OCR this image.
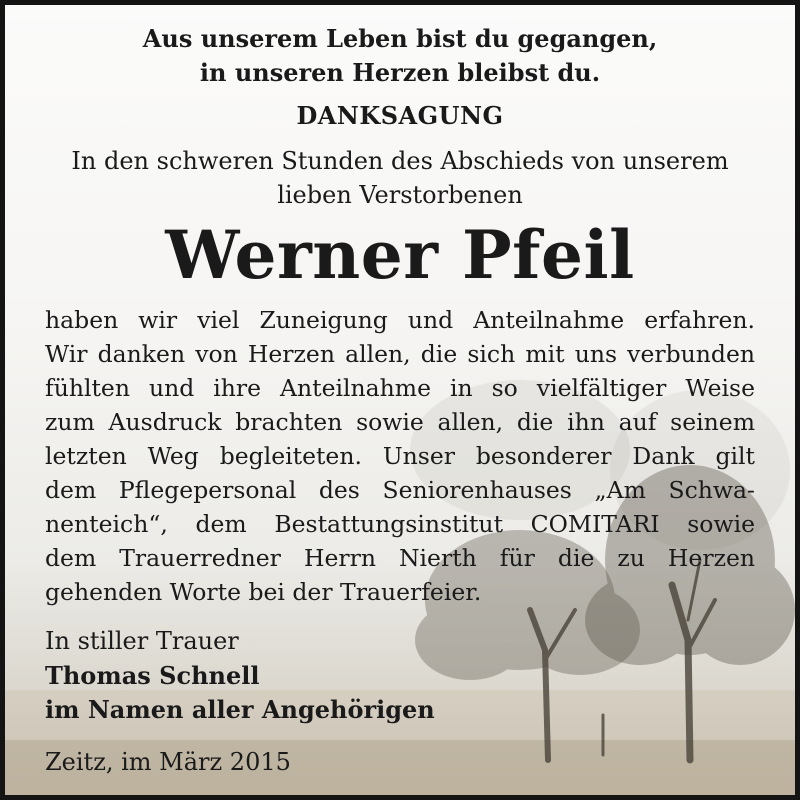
Aus unserem Leben bist du gegangen,

in unseren Herzen bleibst du.

DANKSAGUNG

In den schweren Stunden des Abschieds von unserem

lieben Verstorbenen

Werner Pfeil

haben wir viel Zuneigung und Anteilnahme erfahren.

Wir danken von Herzen allen, die sich mit uns verbunden

fühlten und ihre Anteilnahme in so vielfältiger Weise

zum Ausdruck brachten sowie allen, die ihn auf seinem

letzten Weg begleiteten. Unser besonderer Dank gilt

dem Pflegepersonal des Seniorenhauses „Am Schwa-

nenteich“, dem Bestattungsinstitut COMITARI sowie

dem Trauerredner Herrn Nierth für die zu Herzen

gehenden Worte bei der Trauerfeier.

In stiller Trauer

Thomas Schnell

im Namen aller Angehörigen

Zeitz, im März 2015
